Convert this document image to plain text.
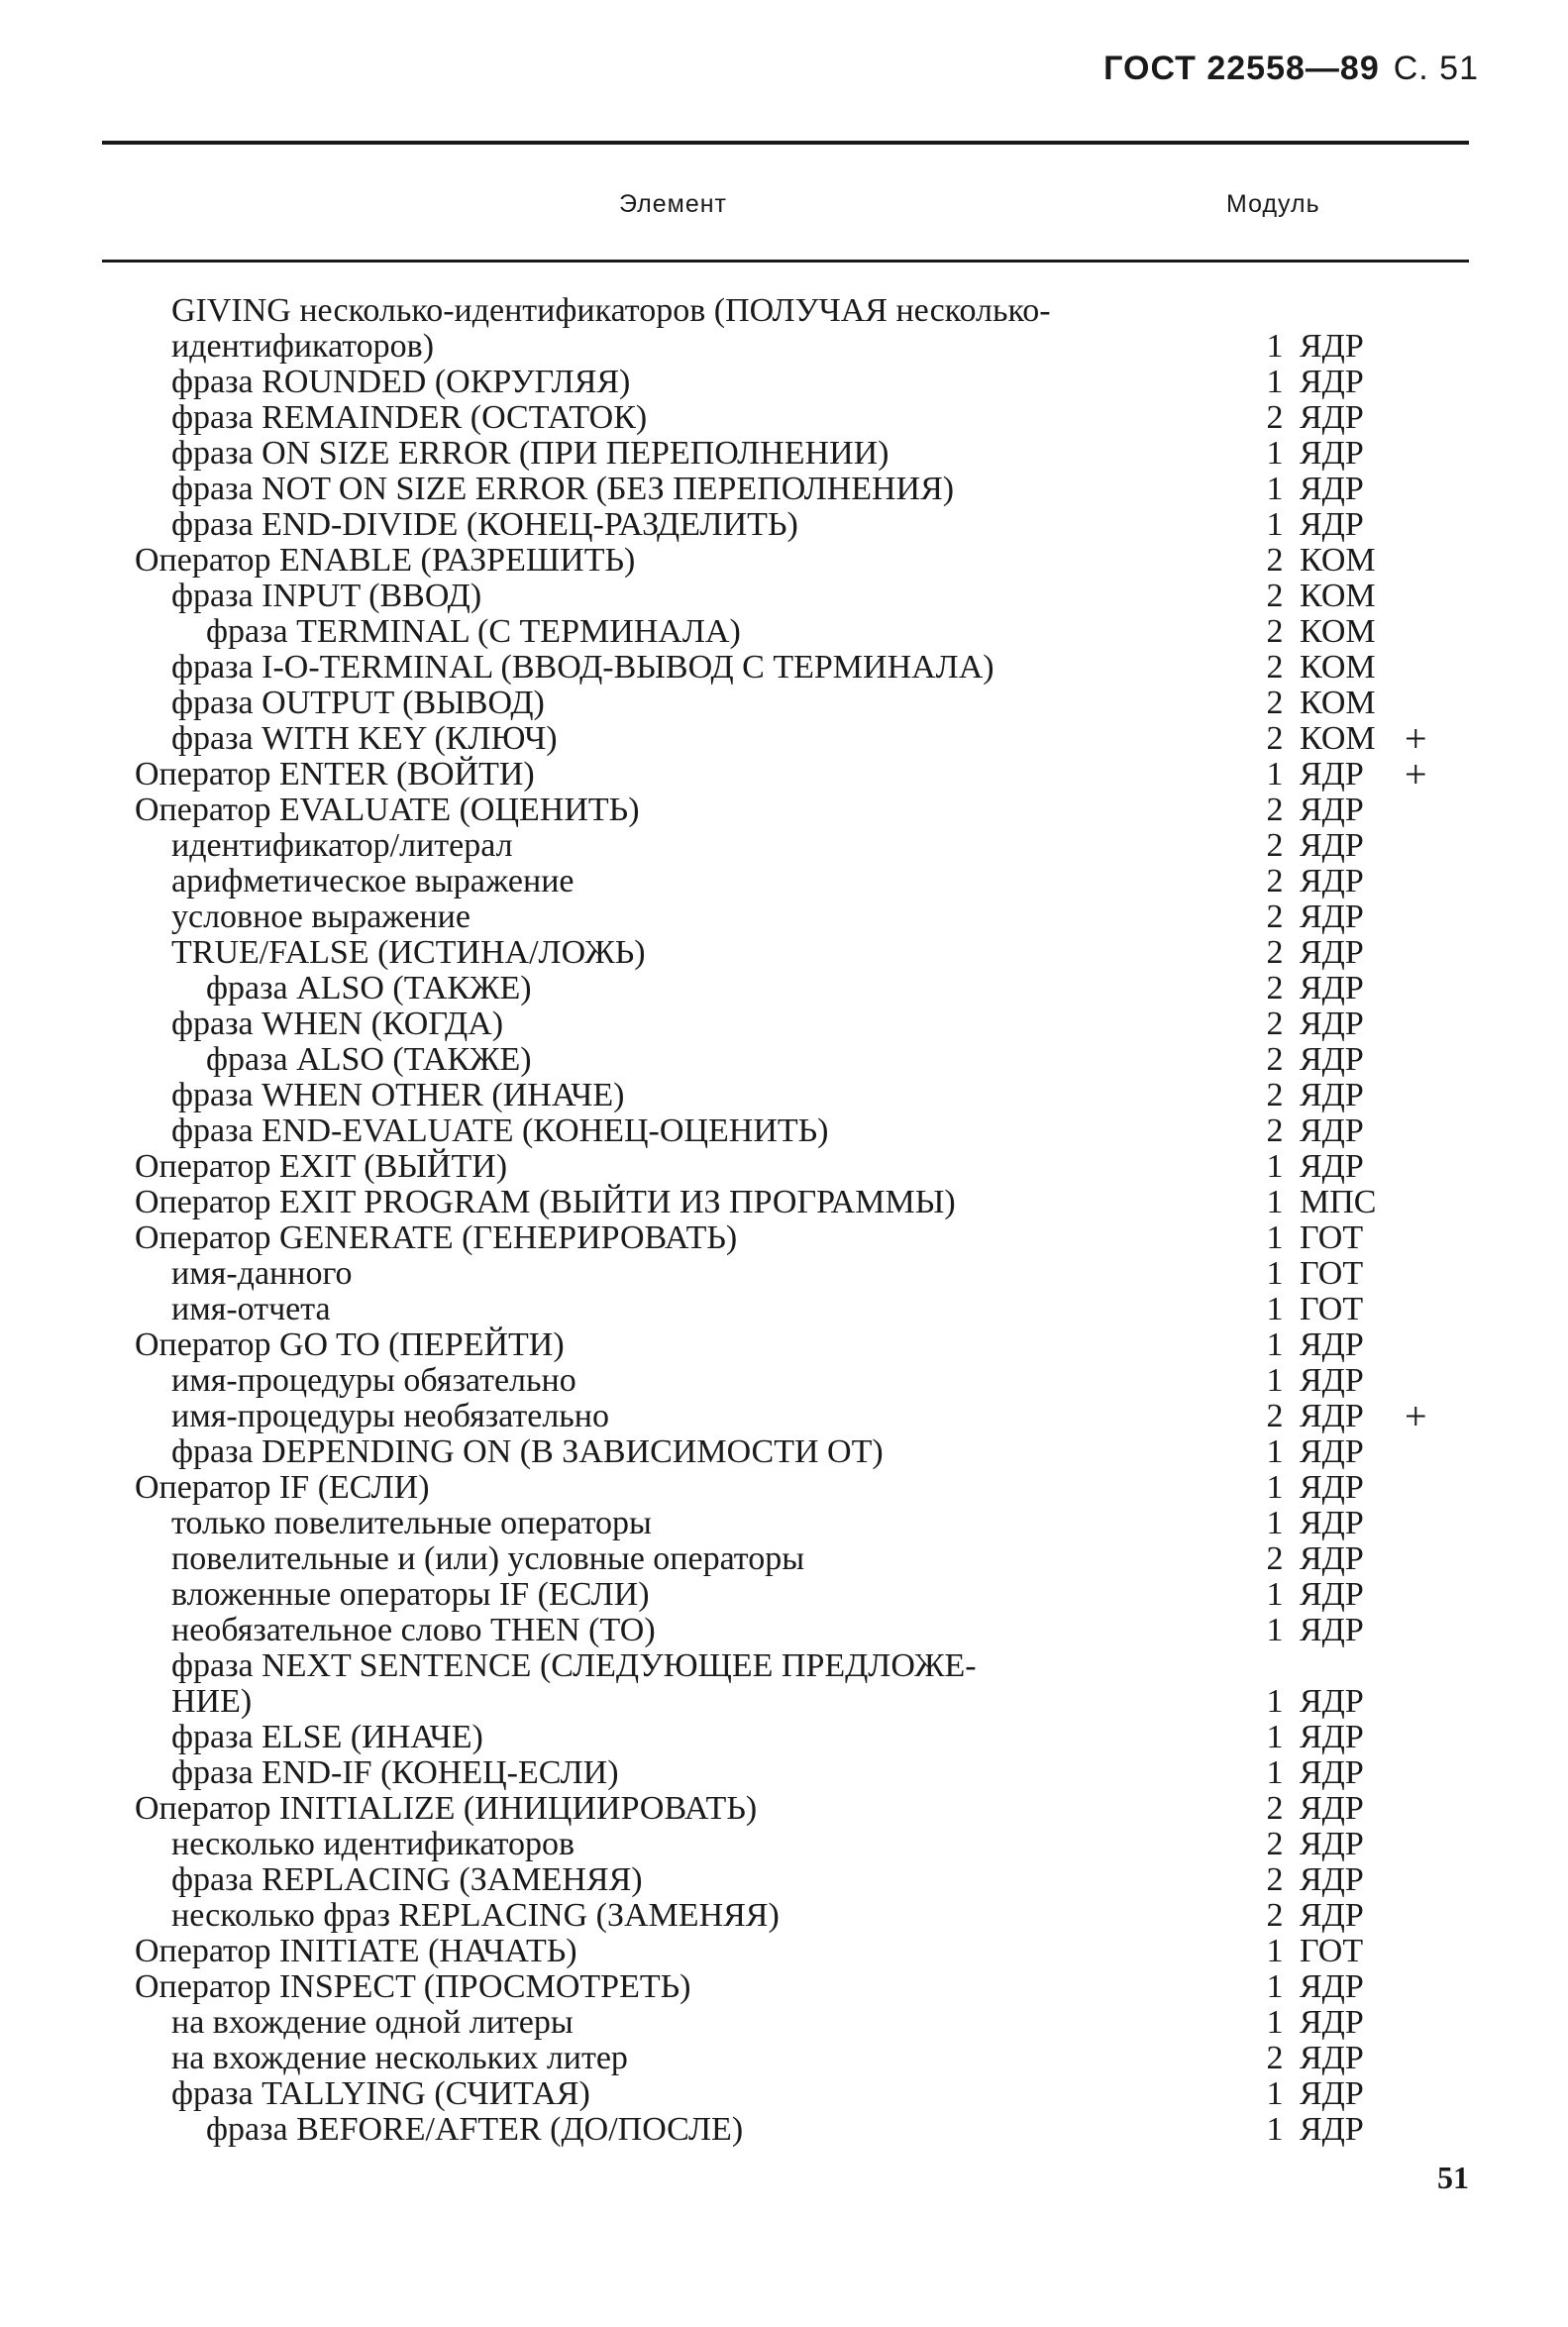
ГОСТ 22558—89 С. 51
Элемент	Модуль
GIVING несколько-идентификаторов (ПОЛУЧАЯ несколько-
идентификаторов)	1 ЯДР
фраза ROUNDED (ОКРУГЛЯЯ)	1 ЯДР
фраза REMAINDER (ОСТАТОК)	2 ЯДР
фраза ON SIZE ERROR (ПРИ ПЕРЕПОЛНЕНИИ)	1 ЯДР
фраза NOT ON SIZE ERROR (БЕЗ ПЕРЕПОЛНЕНИЯ)	1 ЯДР
фраза END-DIVIDE (КОНЕЦ-РАЗДЕЛИТЬ)	1 ЯДР
Оператор ENABLE (РАЗРЕШИТЬ)	2 КОМ
фраза INPUT (ВВОД)	2 КОМ
фраза TERMINAL (С ТЕРМИНАЛА)	2 КОМ
фраза I-O-TERMINAL (ВВОД-ВЫВОД С ТЕРМИНАЛА)	2 КОМ
фраза OUTPUT (ВЫВОД)	2 КОМ
фраза WITH KEY (КЛЮЧ)	2 КОМ +
Оператор ENTER (ВОЙТИ)	1 ЯДР +
Оператор EVALUATE (ОЦЕНИТЬ)	2 ЯДР
идентификатор/литерал	2 ЯДР
арифметическое выражение	2 ЯДР
условное выражение	2 ЯДР
TRUE/FALSE (ИСТИНА/ЛОЖЬ)	2 ЯДР
фраза ALSO (ТАКЖЕ)	2 ЯДР
фраза WHEN (КОГДА)	2 ЯДР
фраза ALSO (ТАКЖЕ)	2 ЯДР
фраза WHEN OTHER (ИНАЧЕ)	2 ЯДР
фраза END-EVALUATE (КОНЕЦ-ОЦЕНИТЬ)	2 ЯДР
Оператор EXIT (ВЫЙТИ)	1 ЯДР
Оператор EXIT PROGRAM (ВЫЙТИ ИЗ ПРОГРАММЫ)	1 МПС
Оператор GENERATE (ГЕНЕРИРОВАТЬ)	1 ГОТ
имя-данного	1 ГОТ
имя-отчета	1 ГОТ
Оператор GO TO (ПЕРЕЙТИ)	1 ЯДР
имя-процедуры обязательно	1 ЯДР
имя-процедуры необязательно	2 ЯДР +
фраза DEPENDING ON (В ЗАВИСИМОСТИ ОТ)	1 ЯДР
Оператор IF (ЕСЛИ)	1 ЯДР
только повелительные операторы	1 ЯДР
повелительные и (или) условные операторы	2 ЯДР
вложенные операторы IF (ЕСЛИ)	1 ЯДР
необязательное слово THEN (ТО)	1 ЯДР
фраза NEXT SENTENCE (СЛЕДУЮЩЕЕ ПРЕДЛОЖЕ-
НИЕ)	1 ЯДР
фраза ELSE (ИНАЧЕ)	1 ЯДР
фраза END-IF (КОНЕЦ-ЕСЛИ)	1 ЯДР
Оператор INITIALIZE (ИНИЦИИРОВАТЬ)	2 ЯДР
несколько идентификаторов	2 ЯДР
фраза REPLACING (ЗАМЕНЯЯ)	2 ЯДР
несколько фраз REPLACING (ЗАМЕНЯЯ)	2 ЯДР
Оператор INITIATE (НАЧАТЬ)	1 ГОТ
Оператор INSPECT (ПРОСМОТРЕТЬ)	1 ЯДР
на вхождение одной литеры	1 ЯДР
на вхождение нескольких литер	2 ЯДР
фраза TALLYING (СЧИТАЯ)	1 ЯДР
фраза BEFORE/AFTER (ДО/ПОСЛЕ)	1 ЯДР
51
